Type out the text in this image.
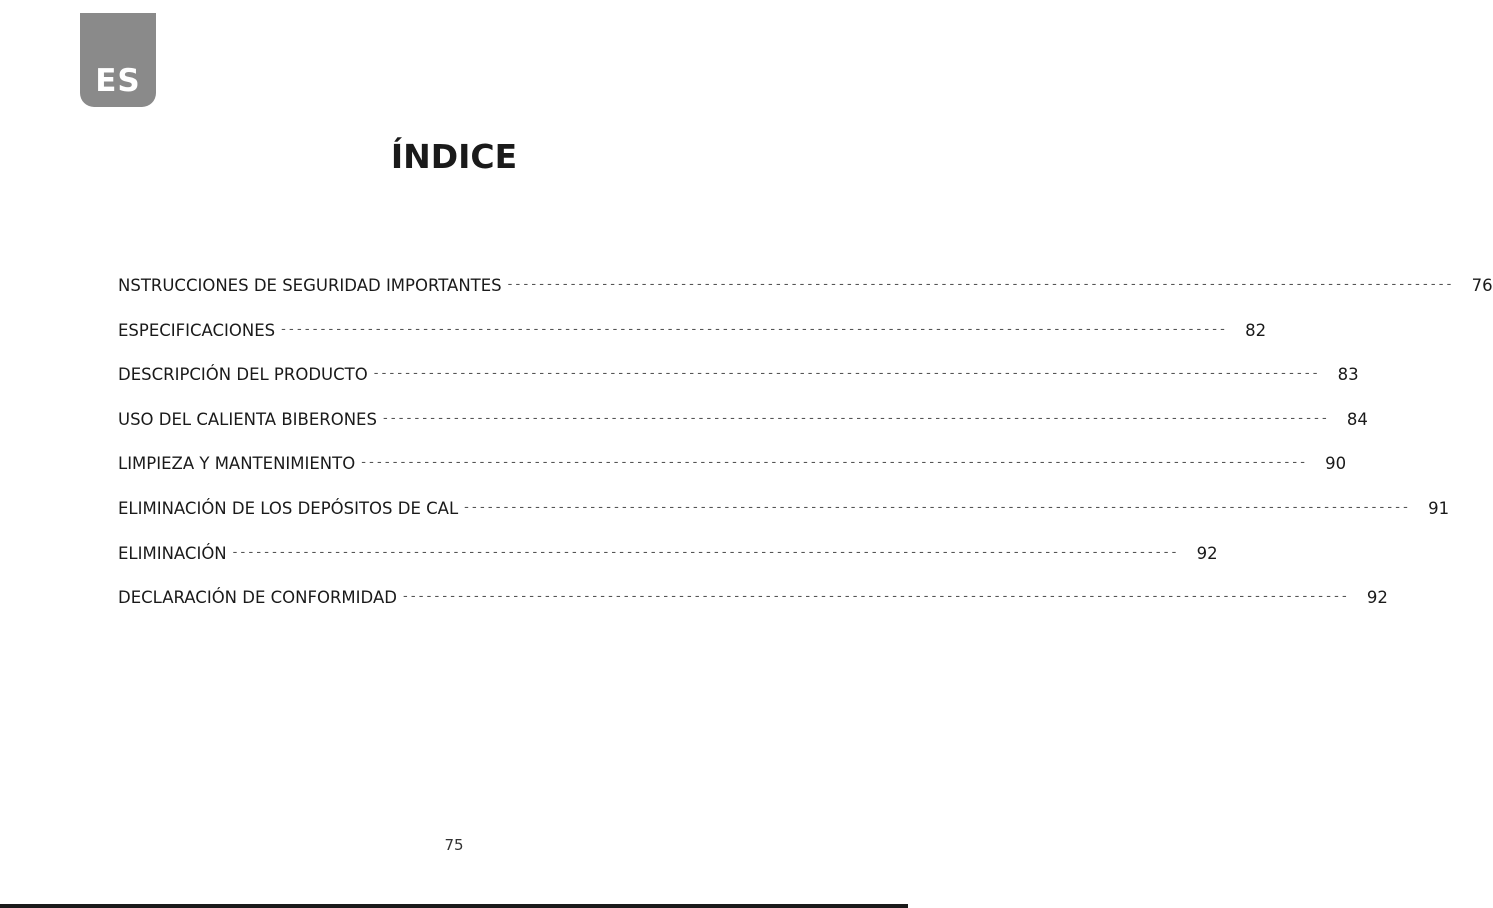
ES
ÍNDICE
NSTRUCCIONES DE SEGURIDAD IMPORTANTES ------------------------------------------------------------------------------------------------------------------------ 76
ESPECIFICACIONES ------------------------------------------------------------------------------------------------------------------------ 82
DESCRIPCIÓN DEL PRODUCTO ------------------------------------------------------------------------------------------------------------------------ 83
USO DEL CALIENTA BIBERONES ------------------------------------------------------------------------------------------------------------------------ 84
LIMPIEZA Y MANTENIMIENTO ------------------------------------------------------------------------------------------------------------------------ 90
ELIMINACIÓN DE LOS DEPÓSITOS DE CAL ------------------------------------------------------------------------------------------------------------------------ 91
ELIMINACIÓN ------------------------------------------------------------------------------------------------------------------------ 92
DECLARACIÓN DE CONFORMIDAD ------------------------------------------------------------------------------------------------------------------------ 92
75
